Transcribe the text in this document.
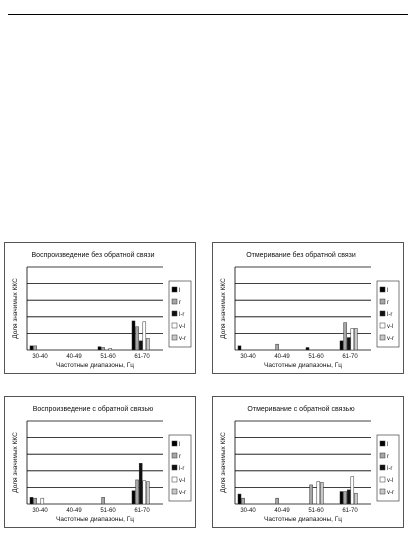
Воспроизведение без обратной связи
Доля значимых ККС
30-40	40-49	51-60	61-70
Частотные диапазоны, Гц
l
r
l-r
v-l
v-r
Отмеривание без обратной связи
Доля значимых ККС
30-40	40-49	51-60	61-70
Частотные диапазоны, Гц
l
r
l-r
v-l
v-r
Воспроизведение с обратной связью
Доля значимых ККС
30-40	40-49	51-60	61-70
Частотные диапазоны, Гц
l
r
l-r
v-l
v-r
Отмеривание с обратной связью
Доля значимых ККС
30-40	40-49	51-60	61-70
Частотные диапазоны, Гц
l
r
l-r
v-l
v-r
